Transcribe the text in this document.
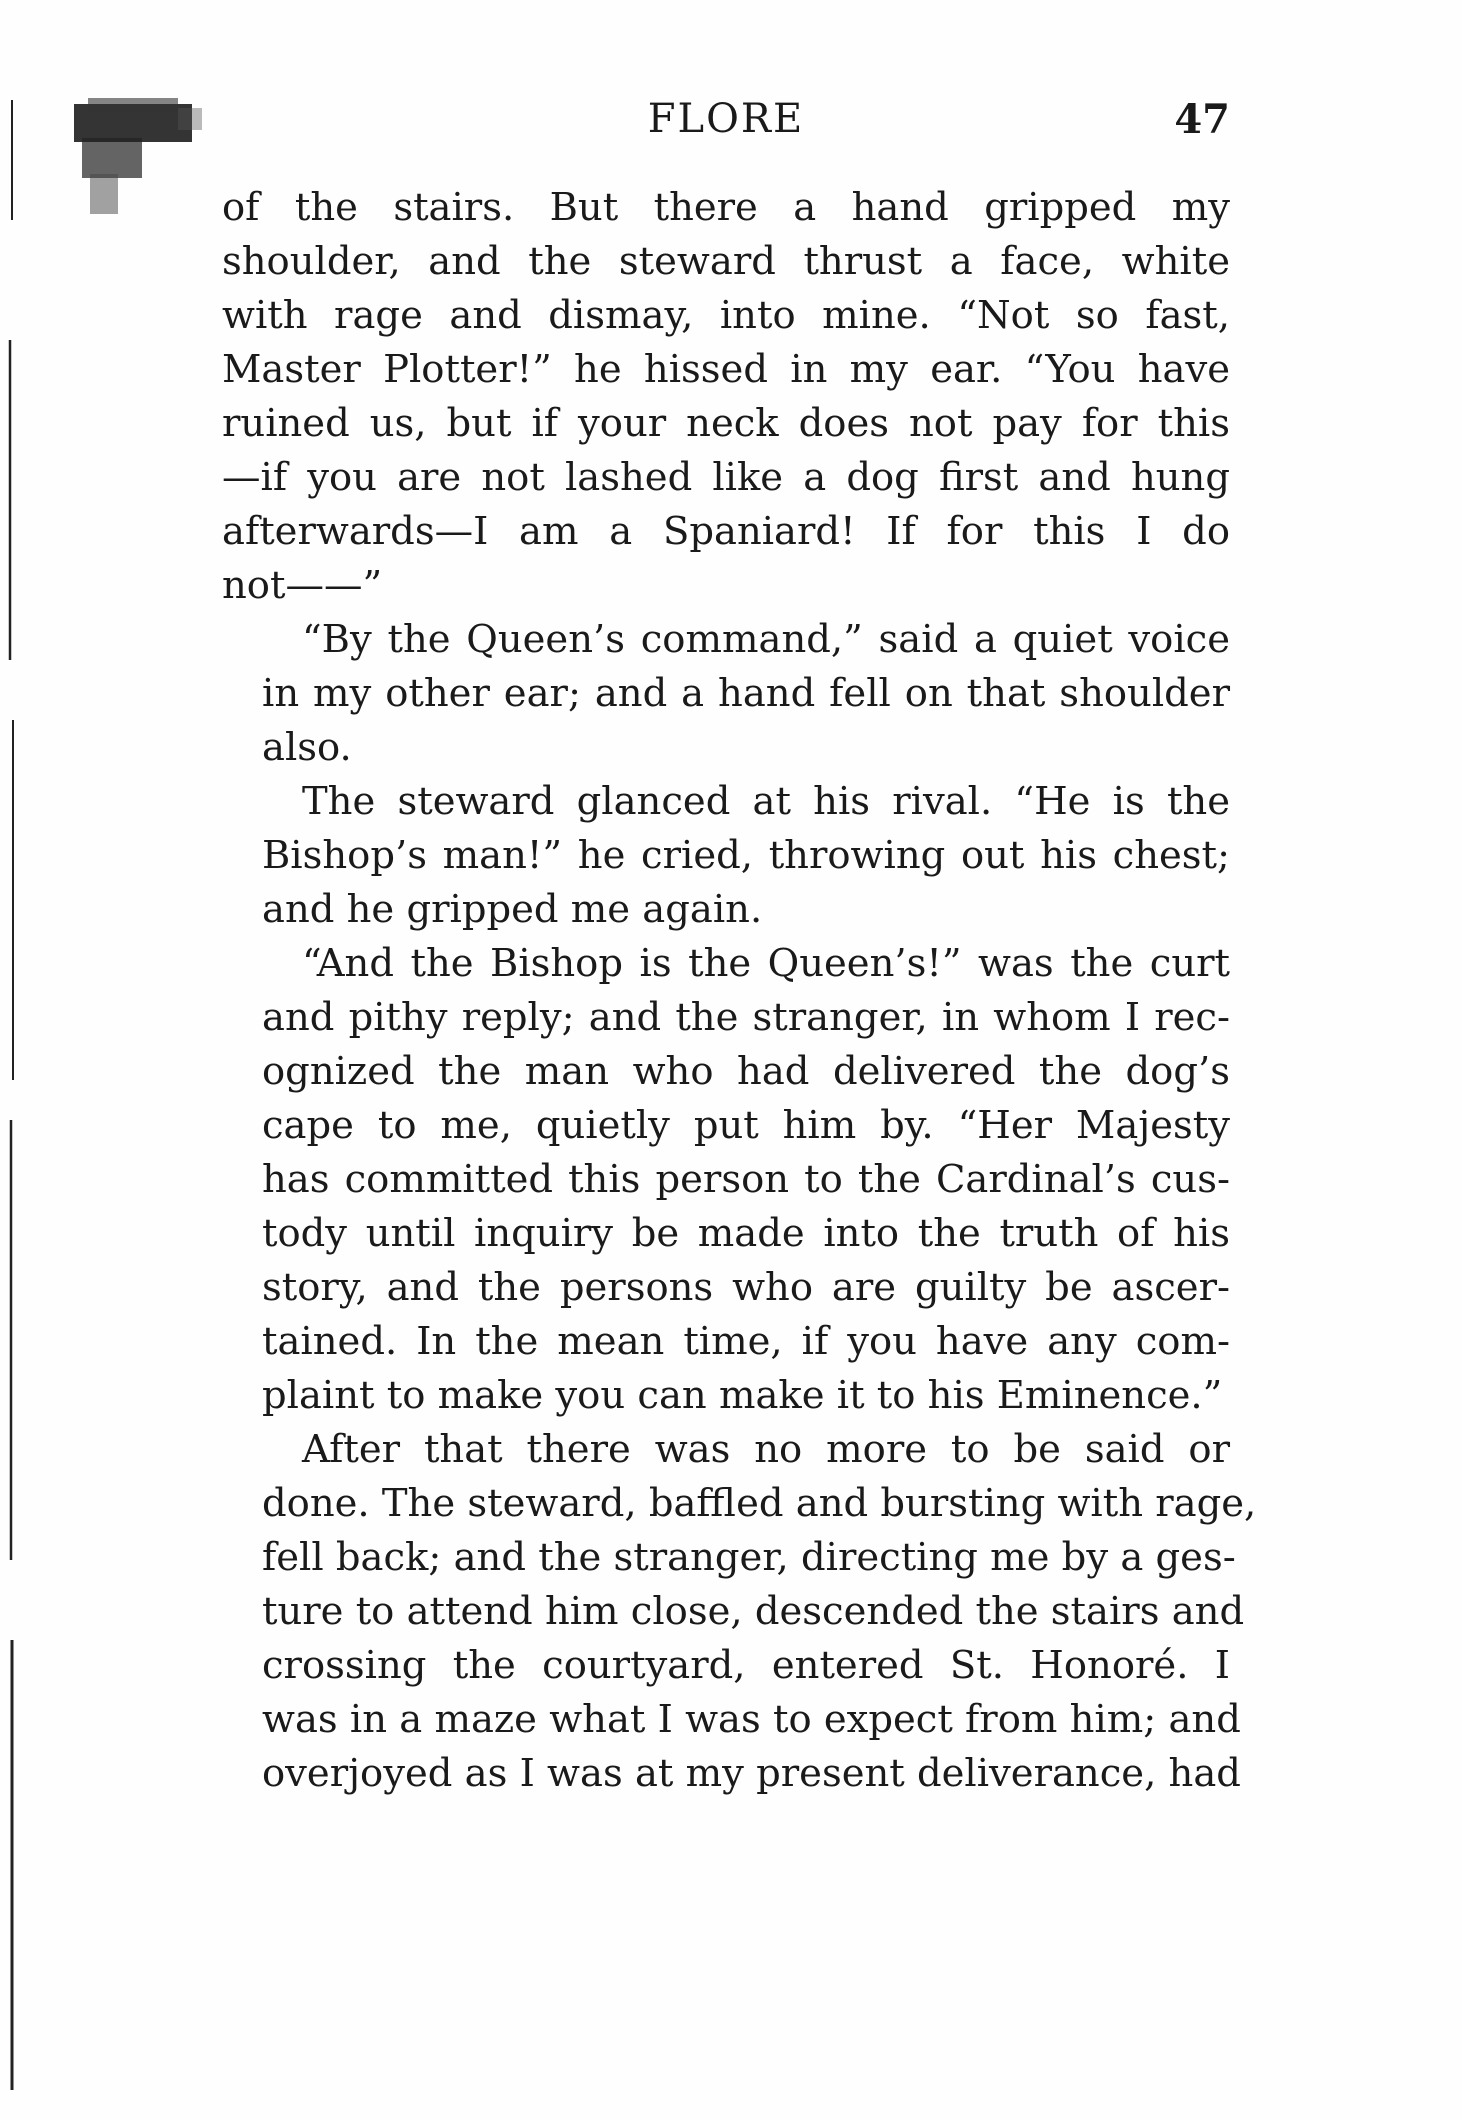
FLORE	47
of the stairs. But there a hand gripped my
shoulder, and the steward thrust a face, white
with rage and dismay, into mine. “Not so fast,
Master Plotter!” he hissed in my ear. “You have
ruined us, but if your neck does not pay for this
—if you are not lashed like a dog first and hung
afterwards—I am a Spaniard! If for this I do
not——”
“By the Queen’s command,” said a quiet voice
in my other ear; and a hand fell on that shoulder
also.
The steward glanced at his rival. “He is the
Bishop’s man!” he cried, throwing out his chest;
and he gripped me again.
“And the Bishop is the Queen’s!” was the curt
and pithy reply; and the stranger, in whom I rec-
ognized the man who had delivered the dog’s
cape to me, quietly put him by. “Her Majesty
has committed this person to the Cardinal’s cus-
tody until inquiry be made into the truth of his
story, and the persons who are guilty be ascer-
tained. In the mean time, if you have any com-
plaint to make you can make it to his Eminence.”
After that there was no more to be said or
done. The steward, baffled and bursting with rage,
fell back; and the stranger, directing me by a ges-
ture to attend him close, descended the stairs and
crossing the courtyard, entered St. Honoré. I
was in a maze what I was to expect from him; and
overjoyed as I was at my present deliverance, had
